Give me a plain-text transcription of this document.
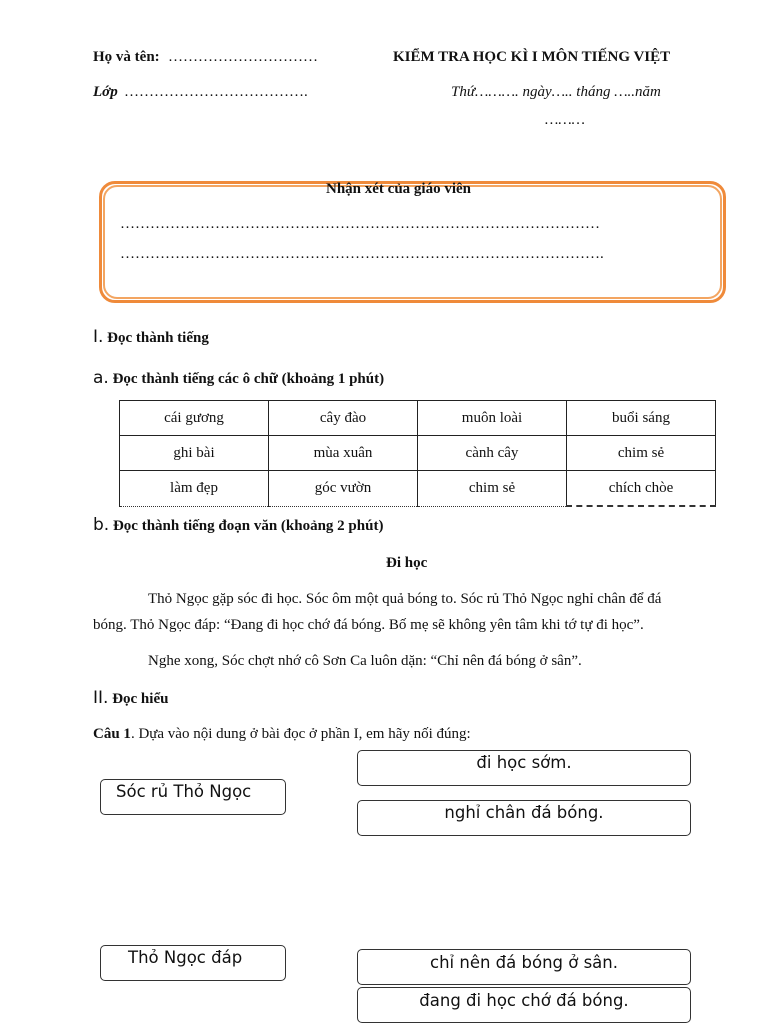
Họ và tên: …………………………	KIỂM TRA HỌC KÌ I MÔN TIẾNG VIỆT
Lớp ……………………………….	Thứ………. ngày….. tháng …..năm
………
Nhận xét của giáo viên
……………………………………………………………………………………
…………………………………………………………………………………….
I. Đọc thành tiếng
a. Đọc thành tiếng các ô chữ (khoảng 1 phút)
cái gương	cây đào	muôn loài	buổi sáng
ghi bài	mùa xuân	cành cây	chim sẻ
làm đẹp	góc vườn	chim sẻ	chích chòe
b. Đọc thành tiếng đoạn văn (khoảng 2 phút)
Đi học
Thỏ Ngọc gặp sóc đi học. Sóc ôm một quả bóng to. Sóc rủ Thỏ Ngọc nghỉ chân để đá
bóng. Thỏ Ngọc đáp: “Đang đi học chớ đá bóng. Bố mẹ sẽ không yên tâm khi tớ tự đi học”.
Nghe xong, Sóc chợt nhớ cô Sơn Ca luôn dặn: “Chỉ nên đá bóng ở sân”.
II. Đọc hiểu
Câu 1. Dựa vào nội dung ở bài đọc ở phần I, em hãy nối đúng:
Sóc rủ Thỏ Ngọc
Thỏ Ngọc đáp
đi học sớm.
nghỉ chân đá bóng.
chỉ nên đá bóng ở sân.
đang đi học chớ đá bóng.
